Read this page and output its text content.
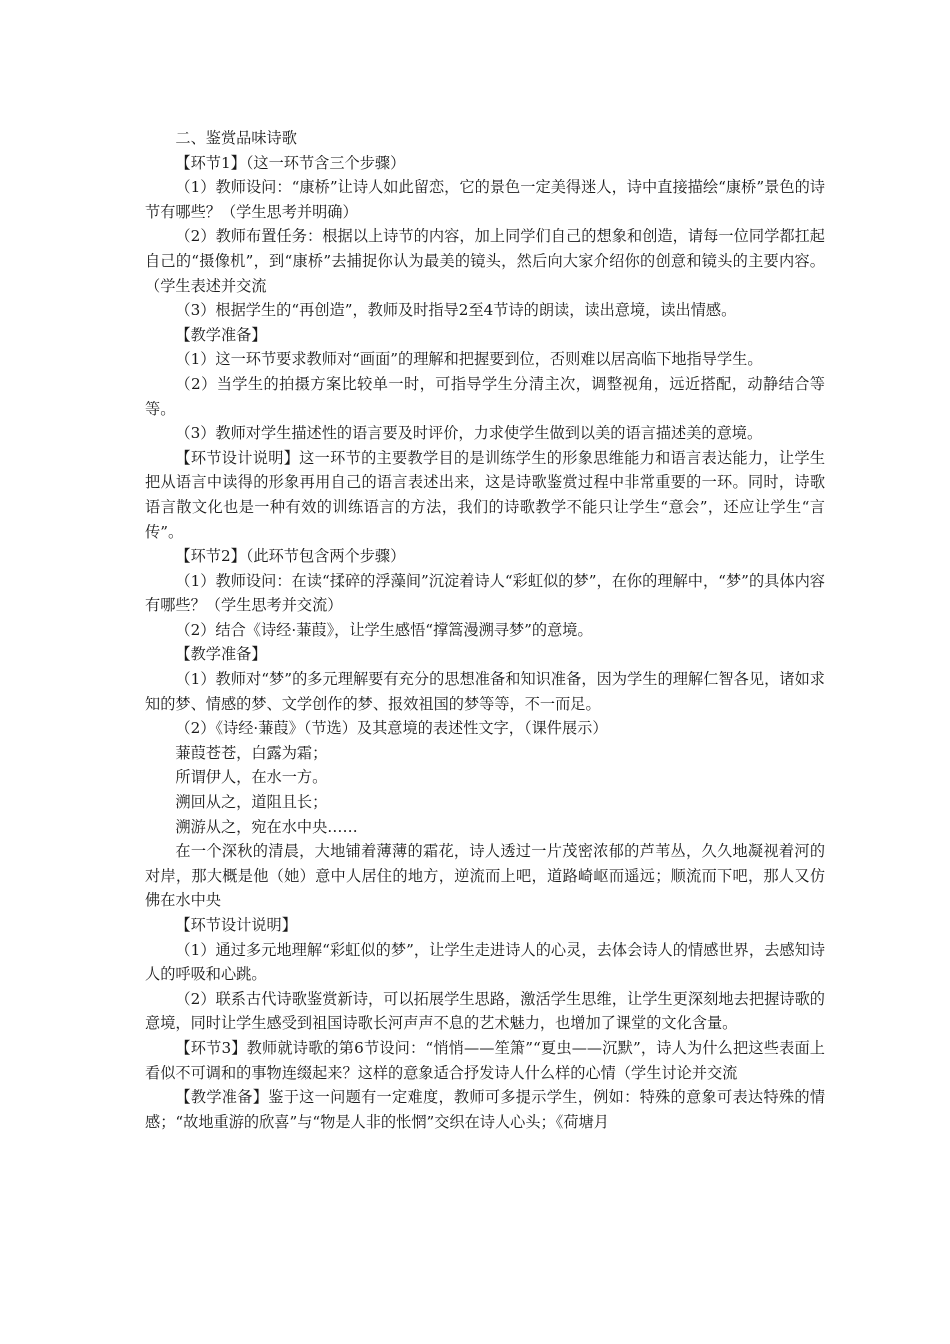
二、鉴赏品味诗歌

【环节1】（这一环节含三个步骤）

（1）教师设问：“康桥”让诗人如此留恋，它的景色一定美得迷人，诗中直接描绘“康桥”景色的诗节有哪些？（学生思考并明确）

（2）教师布置任务：根据以上诗节的内容，加上同学们自己的想象和创造，请每一位同学都扛起自己的“摄像机”，到“康桥”去捕捉你认为最美的镜头，然后向大家介绍你的创意和镜头的主要内容。（学生表述并交流

（3）根据学生的“再创造”，教师及时指导2至4节诗的朗读，读出意境，读出情感。

【教学准备】

（1）这一环节要求教师对“画面”的理解和把握要到位，否则难以居高临下地指导学生。

（2）当学生的拍摄方案比较单一时，可指导学生分清主次，调整视角，远近搭配，动静结合等等。

（3）教师对学生描述性的语言要及时评价，力求使学生做到以美的语言描述美的意境。

【环节设计说明】这一环节的主要教学目的是训练学生的形象思维能力和语言表达能力，让学生把从语言中读得的形象再用自己的语言表述出来，这是诗歌鉴赏过程中非常重要的一环。同时，诗歌语言散文化也是一种有效的训练语言的方法，我们的诗歌教学不能只让学生“意会”，还应让学生“言传”。

【环节2】（此环节包含两个步骤）

（1）教师设问：在读“揉碎的浮藻间”沉淀着诗人“彩虹似的梦”，在你的理解中，“梦”的具体内容有哪些？（学生思考并交流）

（2）结合《诗经·蒹葭》，让学生感悟“撑篙漫溯寻梦”的意境。

【教学准备】

（1）教师对“梦”的多元理解要有充分的思想准备和知识准备，因为学生的理解仁智各见，诸如求知的梦、情感的梦、文学创作的梦、报效祖国的梦等等，不一而足。

（2）《诗经·蒹葭》（节选）及其意境的表述性文字，（课件展示）

蒹葭苍苍，白露为霜；

所谓伊人，在水一方。

溯回从之，道阻且长；

溯游从之，宛在水中央……

在一个深秋的清晨，大地铺着薄薄的霜花，诗人透过一片茂密浓郁的芦苇丛，久久地凝视着河的对岸，那大概是他（她）意中人居住的地方，逆流而上吧，道路崎岖而遥远；顺流而下吧，那人又仿佛在水中央

【环节设计说明】

（1）通过多元地理解“彩虹似的梦”，让学生走进诗人的心灵，去体会诗人的情感世界，去感知诗人的呼吸和心跳。

（2）联系古代诗歌鉴赏新诗，可以拓展学生思路，激活学生思维，让学生更深刻地去把握诗歌的意境，同时让学生感受到祖国诗歌长河声声不息的艺术魅力，也增加了课堂的文化含量。

【环节3】教师就诗歌的第6节设问：“悄悄——笙箫”“夏虫——沉默”，诗人为什么把这些表面上看似不可调和的事物连缀起来？这样的意象适合抒发诗人什么样的心情（学生讨论并交流

【教学准备】鉴于这一问题有一定难度，教师可多提示学生，例如：特殊的意象可表达特殊的情感；“故地重游的欣喜”与“物是人非的怅惘”交织在诗人心头；《荷塘月
